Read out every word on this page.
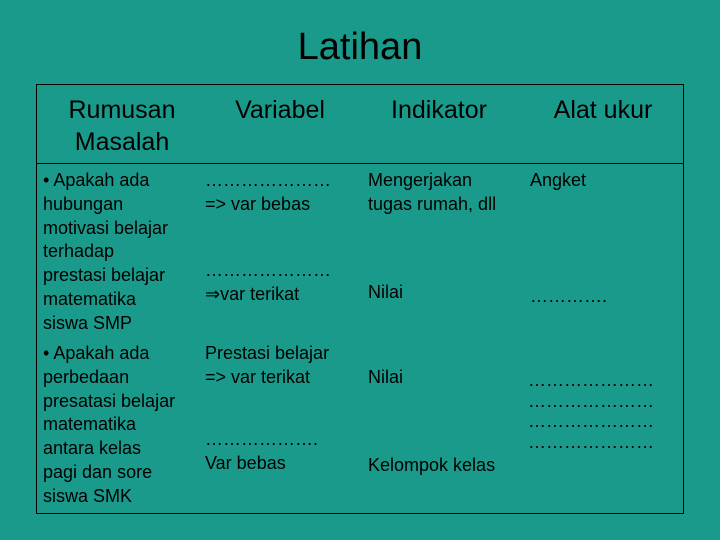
Latihan
Rumusan
Masalah
Variabel	Indikator	Alat ukur
• Apakah ada
hubungan
motivasi belajar
terhadap
prestasi belajar
matematika
siswa SMP
• Apakah ada
perbedaan
presatasi belajar
matematika
antara kelas
pagi dan sore
siswa SMK
…………………
=> var bebas
…………………
⇒var terikat
Prestasi belajar
=> var terikat
……………….
Var bebas
Mengerjakan
tugas rumah, dll
Nilai
Nilai
Kelompok kelas
Angket
………….
…………………
…………………
…………………
…………………
